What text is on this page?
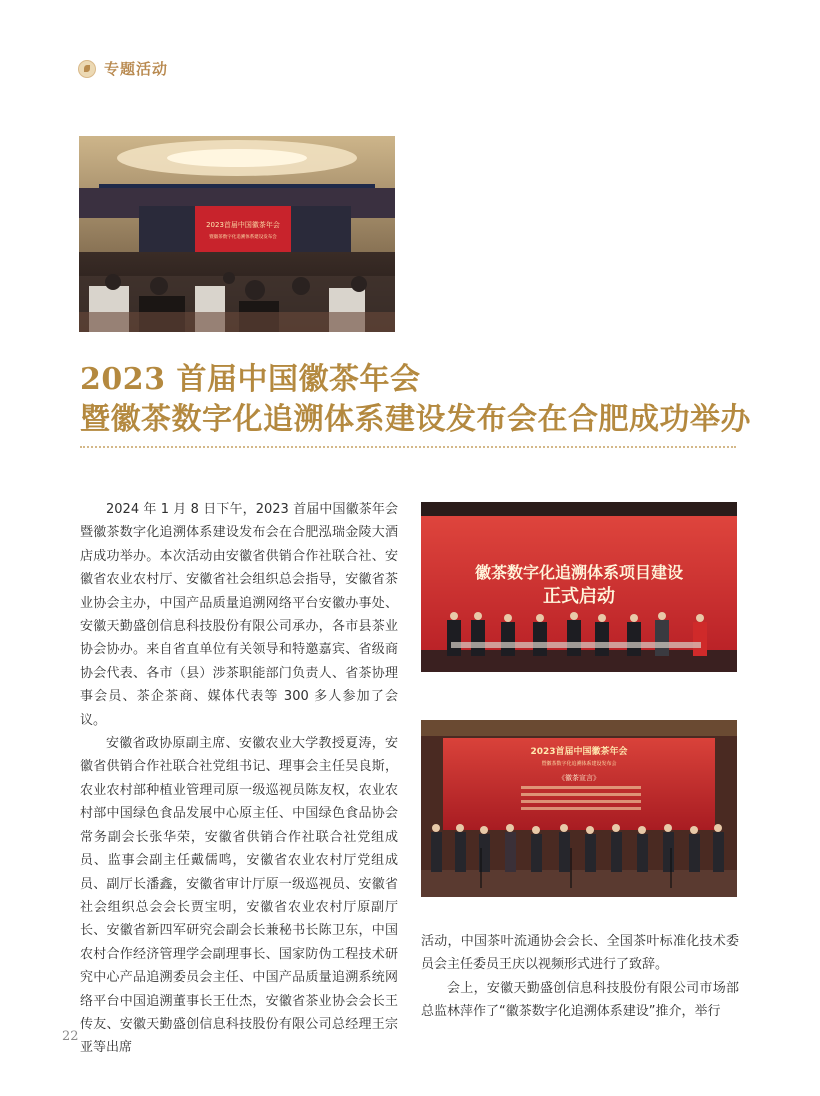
专题活动
2023首届中国徽茶年会
暨徽茶数字化追溯体系建设发布会
2023 首届中国徽茶年会
暨徽茶数字化追溯体系建设发布会在合肥成功举办

2024 年 1 月 8 日下午，2023 首届中国徽茶年会暨徽茶数字化追溯体系建设发布会在合肥泓瑞金陵大酒店成功举办。本次活动由安徽省供销合作社联合社、安徽省农业农村厅、安徽省社会组织总会指导，安徽省茶业协会主办，中国产品质量追溯网络平台安徽办事处、安徽天勤盛创信息科技股份有限公司承办，各市县茶业协会协办。来自省直单位有关领导和特邀嘉宾、省级商协会代表、各市（县）涉茶职能部门负责人、省茶协理事会员、茶企茶商、媒体代表等 300 多人参加了会议。

安徽省政协原副主席、安徽农业大学教授夏涛，安徽省供销合作社联合社党组书记、理事会主任吴良斯，农业农村部种植业管理司原一级巡视员陈友权，农业农村部中国绿色食品发展中心原主任、中国绿色食品协会常务副会长张华荣，安徽省供销合作社联合社党组成员、监事会副主任戴儒鸣，安徽省农业农村厅党组成员、副厅长潘鑫，安徽省审计厅原一级巡视员、安徽省社会组织总会会长贾宝明，安徽省农业农村厅原副厅长、安徽省新四军研究会副会长兼秘书长陈卫东，中国农村合作经济管理学会副理事长、国家防伪工程技术研究中心产品追溯委员会主任、中国产品质量追溯系统网络平台中国追溯董事长王仕杰，安徽省茶业协会会长王传友、安徽天勤盛创信息科技股份有限公司总经理王宗亚等出席

徽茶数字化追溯体系项目建设
正式启动
2023首届中国徽茶年会
暨徽茶数字化追溯体系建设发布会
《徽茶宣言》

活动，中国茶叶流通协会会长、全国茶叶标准化技术委员会主任委员王庆以视频形式进行了致辞。

会上，安徽天勤盛创信息科技股份有限公司市场部总监林萍作了“徽茶数字化追溯体系建设”推介，举行

22
